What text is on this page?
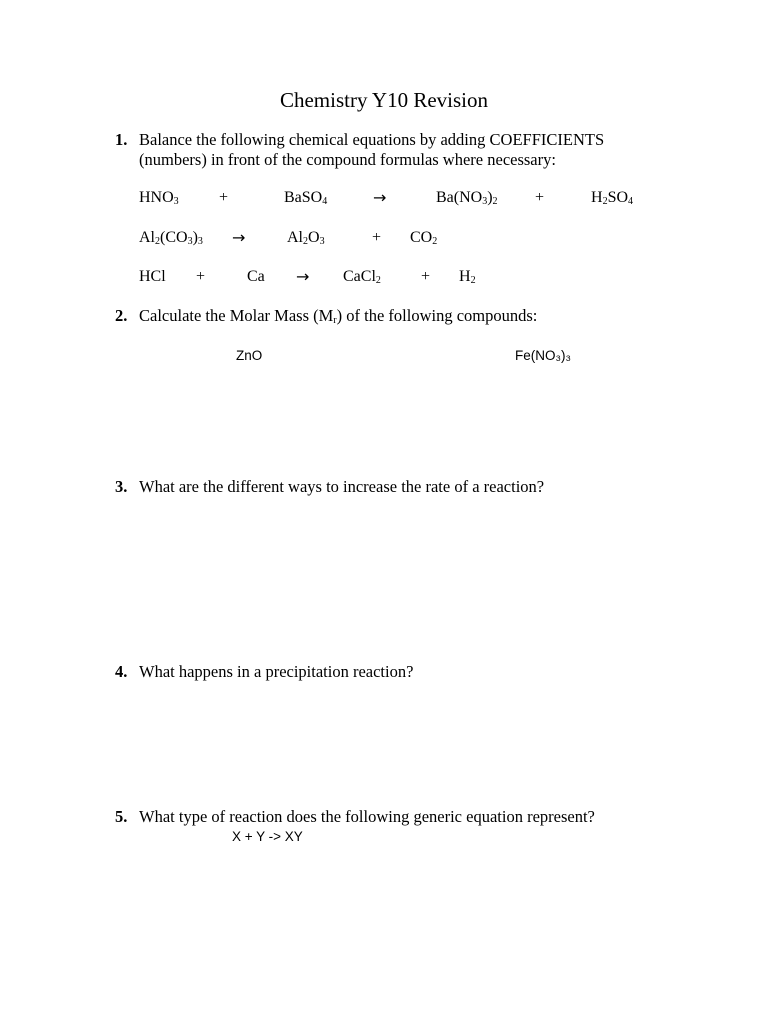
Chemistry Y10 Revision
1. Balance the following chemical equations by adding COEFFICIENTS
(numbers) in front of the compound formulas where necessary:
$HNO_3$	+	BaSO$_4$	→	$Ba(NO_3)_2$ +	$H_2SO_4$
$Al_2(CO_3)_3$ →	$Al_2O_3$	+ $CO_2$
HCl +	Ca → CaCl$_2$	+ $H_2$
2. Calculate the Molar Mass $(M_r)$ of the following compounds:
ZnO	Fe(NO₃)₃
3. What are the different ways to increase the rate of a reaction?
4. What happens in a precipitation reaction?
5. What type of reaction does the following generic equation represent?
X + Y -> XY
